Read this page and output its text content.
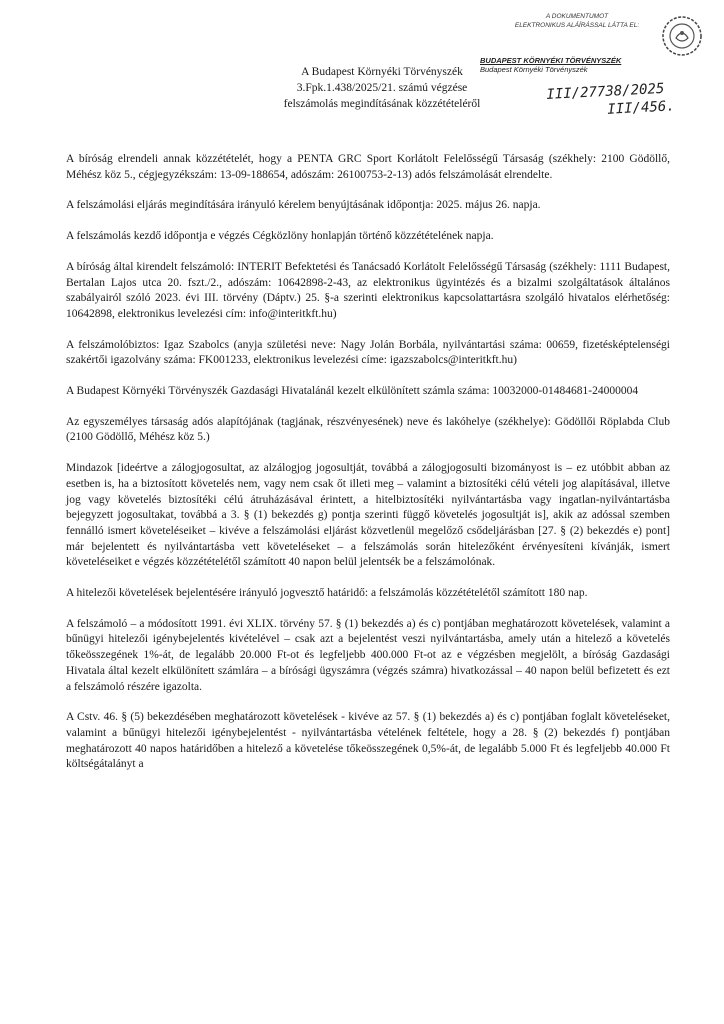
A DOKUMENTUMOT
ELEKTRONIKUS ALÁÍRÁSSAL LÁTTA EL:
BUDAPEST KÖRNYÉKI TÖRVÉNYSZÉK
Budapest Környéki Törvényszék
A Budapest Környéki Törvényszék
3.Fpk.1.438/2025/21. számú végzése
felszámolás megindításának közzétételéről
III/27738/2025
III/456.

A bíróság elrendeli annak közzétételét, hogy a PENTA GRC Sport Korlátolt Felelősségű Társaság (székhely: 2100 Gödöllő, Méhész köz 5., cégjegyzékszám: 13-09-188654, adószám: 26100753-2-13) adós felszámolását elrendelte.

A felszámolási eljárás megindítására irányuló kérelem benyújtásának időpontja: 2025. május 26. napja.

A felszámolás kezdő időpontja e végzés Cégközlöny honlapján történő közzétételének napja.

A bíróság által kirendelt felszámoló: INTERIT Befektetési és Tanácsadó Korlátolt Felelősségű Társaság (székhely: 1111 Budapest, Bertalan Lajos utca 20. fszt./2., adószám: 10642898-2-43, az elektronikus ügyintézés és a bizalmi szolgáltatások általános szabályairól szóló 2023. évi III. törvény (Dáptv.) 25. §-a szerinti elektronikus kapcsolattartásra szolgáló hivatalos elérhetőség: 10642898, elektronikus levelezési cím: info@interitkft.hu)

A felszámolóbiztos: Igaz Szabolcs (anyja születési neve: Nagy Jolán Borbála, nyilvántartási száma: 00659, fizetésképtelenségi szakértői igazolvány száma: FK001233, elektronikus levelezési címe: igazszabolcs@interitkft.hu)

A Budapest Környéki Törvényszék Gazdasági Hivatalánál kezelt elkülönített számla száma: 10032000-01484681-24000004

Az egyszemélyes társaság adós alapítójának (tagjának, részvényesének) neve és lakóhelye (székhelye): Gödöllői Röplabda Club (2100 Gödöllő, Méhész köz 5.)

Mindazok [ideértve a zálogjogosultat, az alzálogjog jogosultját, továbbá a zálogjogosulti bizományost is – ez utóbbit abban az esetben is, ha a biztosított követelés nem, vagy nem csak őt illeti meg – valamint a biztosítéki célú vételi jog alapításával, illetve jog vagy követelés biztosítéki célú átruházásával érintett, a hitelbiztosítéki nyilvántartásba vagy ingatlan-nyilvántartásba bejegyzett jogosultakat, továbbá a 3. § (1) bekezdés g) pontja szerinti függő követelés jogosultját is], akik az adóssal szemben fennálló ismert követeléseiket – kivéve a felszámolási eljárást közvetlenül megelőző csődeljárásban [27. § (2) bekezdés e) pont] már bejelentett és nyilvántartásba vett követeléseket – a felszámolás során hitelezőként érvényesíteni kívánják, ismert követeléseiket e végzés közzétételétől számított 40 napon belül jelentsék be a felszámolónak.

A hitelezői követelések bejelentésére irányuló jogvesztő határidő: a felszámolás közzétételétől számított 180 nap.

A felszámoló – a módosított 1991. évi XLIX. törvény 57. § (1) bekezdés a) és c) pontjában meghatározott követelések, valamint a bűnügyi hitelezői igénybejelentés kivételével – csak azt a bejelentést veszi nyilvántartásba, amely után a hitelező a követelés tőkeösszegének 1%-át, de legalább 20.000 Ft-ot és legfeljebb 400.000 Ft-ot az e végzésben megjelölt, a bíróság Gazdasági Hivatala által kezelt elkülönített számlára – a bírósági ügyszámra (végzés számra) hivatkozással – 40 napon belül befizetett és ezt a felszámoló részére igazolta.

A Cstv. 46. § (5) bekezdésében meghatározott követelések - kivéve az 57. § (1) bekezdés a) és c) pontjában foglalt követeléseket, valamint a bűnügyi hitelezői igénybejelentést - nyilvántartásba vételének feltétele, hogy a 28. § (2) bekezdés f) pontjában meghatározott 40 napos határidőben a hitelező a követelése tőkeösszegének 0,5%-át, de legalább 5.000 Ft és legfeljebb 40.000 Ft költségátalányt a
